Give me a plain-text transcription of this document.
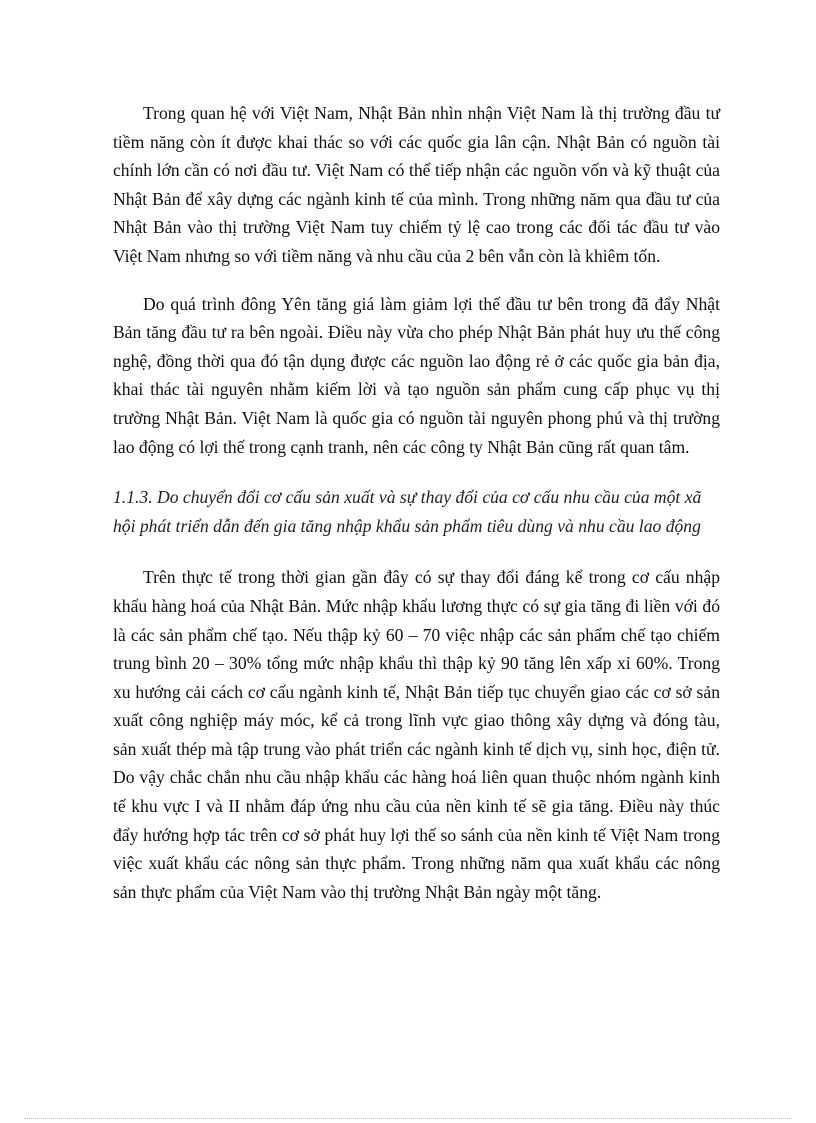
Trong quan hệ với Việt Nam, Nhật Bản nhìn nhận Việt Nam là thị trường đầu tư tiềm năng còn ít được khai thác so với các quốc gia lân cận. Nhật Bản có nguồn tài chính lớn cần có nơi đầu tư. Việt Nam có thể tiếp nhận các nguồn vốn và kỹ thuật của Nhật Bản để xây dựng các ngành kinh tế của mình. Trong những năm qua đầu tư của Nhật Bản vào thị trường Việt Nam tuy chiếm tỷ lệ cao trong các đối tác đầu tư vào Việt Nam nhưng so với tiềm năng và nhu cầu của 2 bên vẫn còn là khiêm tốn.

Do quá trình đông Yên tăng giá làm giảm lợi thế đầu tư bên trong đã đẩy Nhật Bản tăng đầu tư ra bên ngoài. Điều này vừa cho phép Nhật Bản phát huy ưu thế công nghệ, đồng thời qua đó tận dụng được các nguồn lao động rẻ ở các quốc gia bản địa, khai thác tài nguyên nhằm kiếm lời và tạo nguồn sản phẩm cung cấp phục vụ thị trường Nhật Bản. Việt Nam là quốc gia có nguồn tài nguyên phong phú và thị trường lao động có lợi thế trong cạnh tranh, nên các công ty Nhật Bản cũng rất quan tâm.

1.1.3. Do chuyển đổi cơ cấu sản xuất và sự thay đổi của cơ cấu nhu cầu của một xã hội phát triển dẫn đến gia tăng nhập khẩu sản phẩm tiêu dùng và nhu cầu lao động

Trên thực tế trong thời gian gần đây có sự thay đổi đáng kể trong cơ cấu nhập khẩu hàng hoá của Nhật Bản. Mức nhập khẩu lương thực có sự gia tăng đi liền với đó là các sản phẩm chế tạo. Nếu thập kỷ 60 – 70 việc nhập các sản phẩm chế tạo chiếm trung bình 20 – 30% tổng mức nhập khẩu thì thập kỷ 90 tăng lên xấp xỉ 60%. Trong xu hướng cải cách cơ cấu ngành kinh tế, Nhật Bản tiếp tục chuyển giao các cơ sở sản xuất công nghiệp máy móc, kể cả trong lĩnh vực giao thông xây dựng và đóng tàu, sản xuất thép mà tập trung vào phát triển các ngành kinh tế dịch vụ, sinh học, điện tử. Do vậy chắc chắn nhu cầu nhập khẩu các hàng hoá liên quan thuộc nhóm ngành kinh tế khu vực I và II nhằm đáp ứng nhu cầu của nền kinh tế sẽ gia tăng. Điều này thúc đẩy hướng hợp tác trên cơ sở phát huy lợi thế so sánh của nền kinh tế Việt Nam trong việc xuất khẩu các nông sản thực phẩm. Trong những năm qua xuất khẩu các nông sản thực phẩm của Việt Nam vào thị trường Nhật Bản ngày một tăng.
